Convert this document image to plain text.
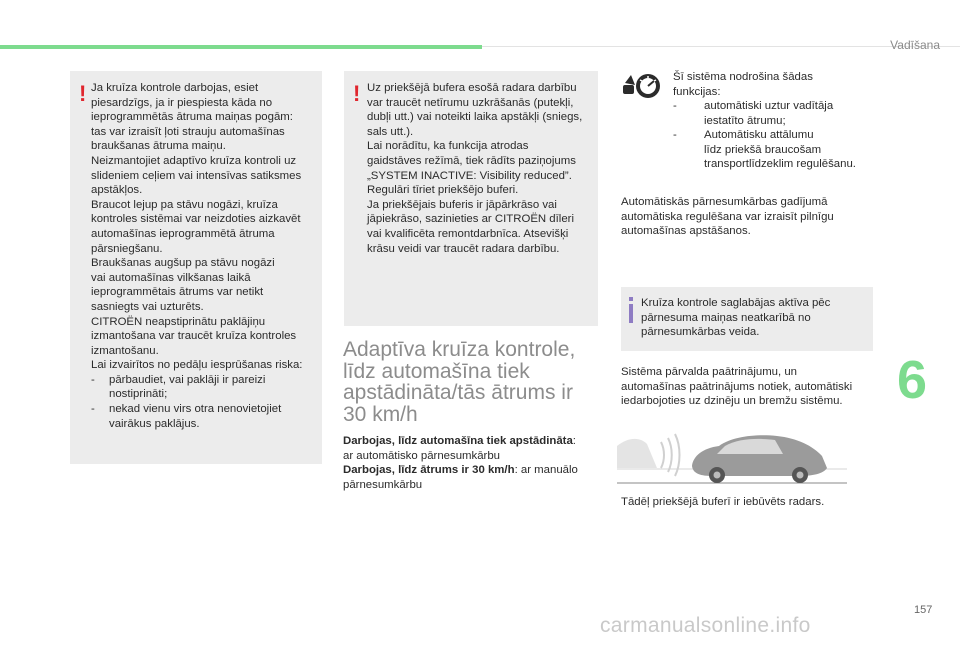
Vadīšana
! Ja kruīza kontrole darbojas, esiet
piesardzīgs, ja ir piespiesta kāda no
ieprogrammētās ātruma maiņas pogām:
tas var izraisīt ļoti strauju automašīnas
braukšanas ātruma maiņu.

Neizmantojiet adaptīvo kruīza kontroli uz
slideniem ceļiem vai intensīvas satiksmes
apstākļos.

Braucot lejup pa stāvu nogāzi, kruīza
kontroles sistēmai var neizdoties aizkavēt
automašīnas ieprogrammētā ātruma
pārsniegšanu.

Braukšanas augšup pa stāvu nogāzi
vai automašīnas vilkšanas laikā
ieprogrammētais ātrums var netikt
sasniegts vai uzturēts.

CITROËN neapstiprinātu paklājiņu
izmantošana var traucēt kruīza kontroles
izmantošanu.

Lai izvairītos no pedāļu iesprūšanas riska:

- pārbaudiet, vai paklāji ir pareizi
nostiprināti;

- nekad vienu virs otra nenovietojiet
vairākus paklājus.

! Uz priekšējā bufera esošā radara darbību
var traucēt netīrumu uzkrāšanās (putekļi,
dubļi utt.) vai noteikti laika apstākļi (sniegs,
sals utt.).

Lai norādītu, ka funkcija atrodas
gaidstāves režīmā, tiek rādīts paziņojums
„SYSTEM INACTIVE: Visibility reduced”.

Regulāri tīriet priekšējo buferi.

Ja priekšējais buferis ir jāpārkrāso vai
jāpiekrāso, sazinieties ar CITROËN dīleri
vai kvalificēta remontdarbnīca. Atsevišķi
krāsu veidi var traucēt radara darbību.

Adaptīva kruīza kontrole,
līdz automašīna tiek
apstādināta/tās ātrums ir
30 km/h

Darbojas, līdz automašīna tiek apstādināta:
ar automātisko pārnesumkārbu

Darbojas, līdz ātrums ir 30 km/h: ar manuālo
pārnesumkārbu

Šī sistēma nodrošina šādas
funkcijas:

- automātiski uztur vadītāja
iestatīto ātrumu;

- Automātisku attālumu
līdz priekšā braucošam
transportlīdzeklim regulēšanu.

Automātiskās pārnesumkārbas gadījumā
automātiska regulēšana var izraisīt pilnīgu
automašīnas apstāšanos.

Kruīza kontrole saglabājas aktīva pēc
pārnesuma maiņas neatkarībā no
pārnesumkārbas veida.

Sistēma pārvalda paātrinājumu, un
automašīnas paātrinājums notiek, automātiski
iedarbojoties uz dzinēju un bremžu sistēmu.

Tādēļ priekšējā buferī ir iebūvēts radars.

6
157
carmanualsonline.info
